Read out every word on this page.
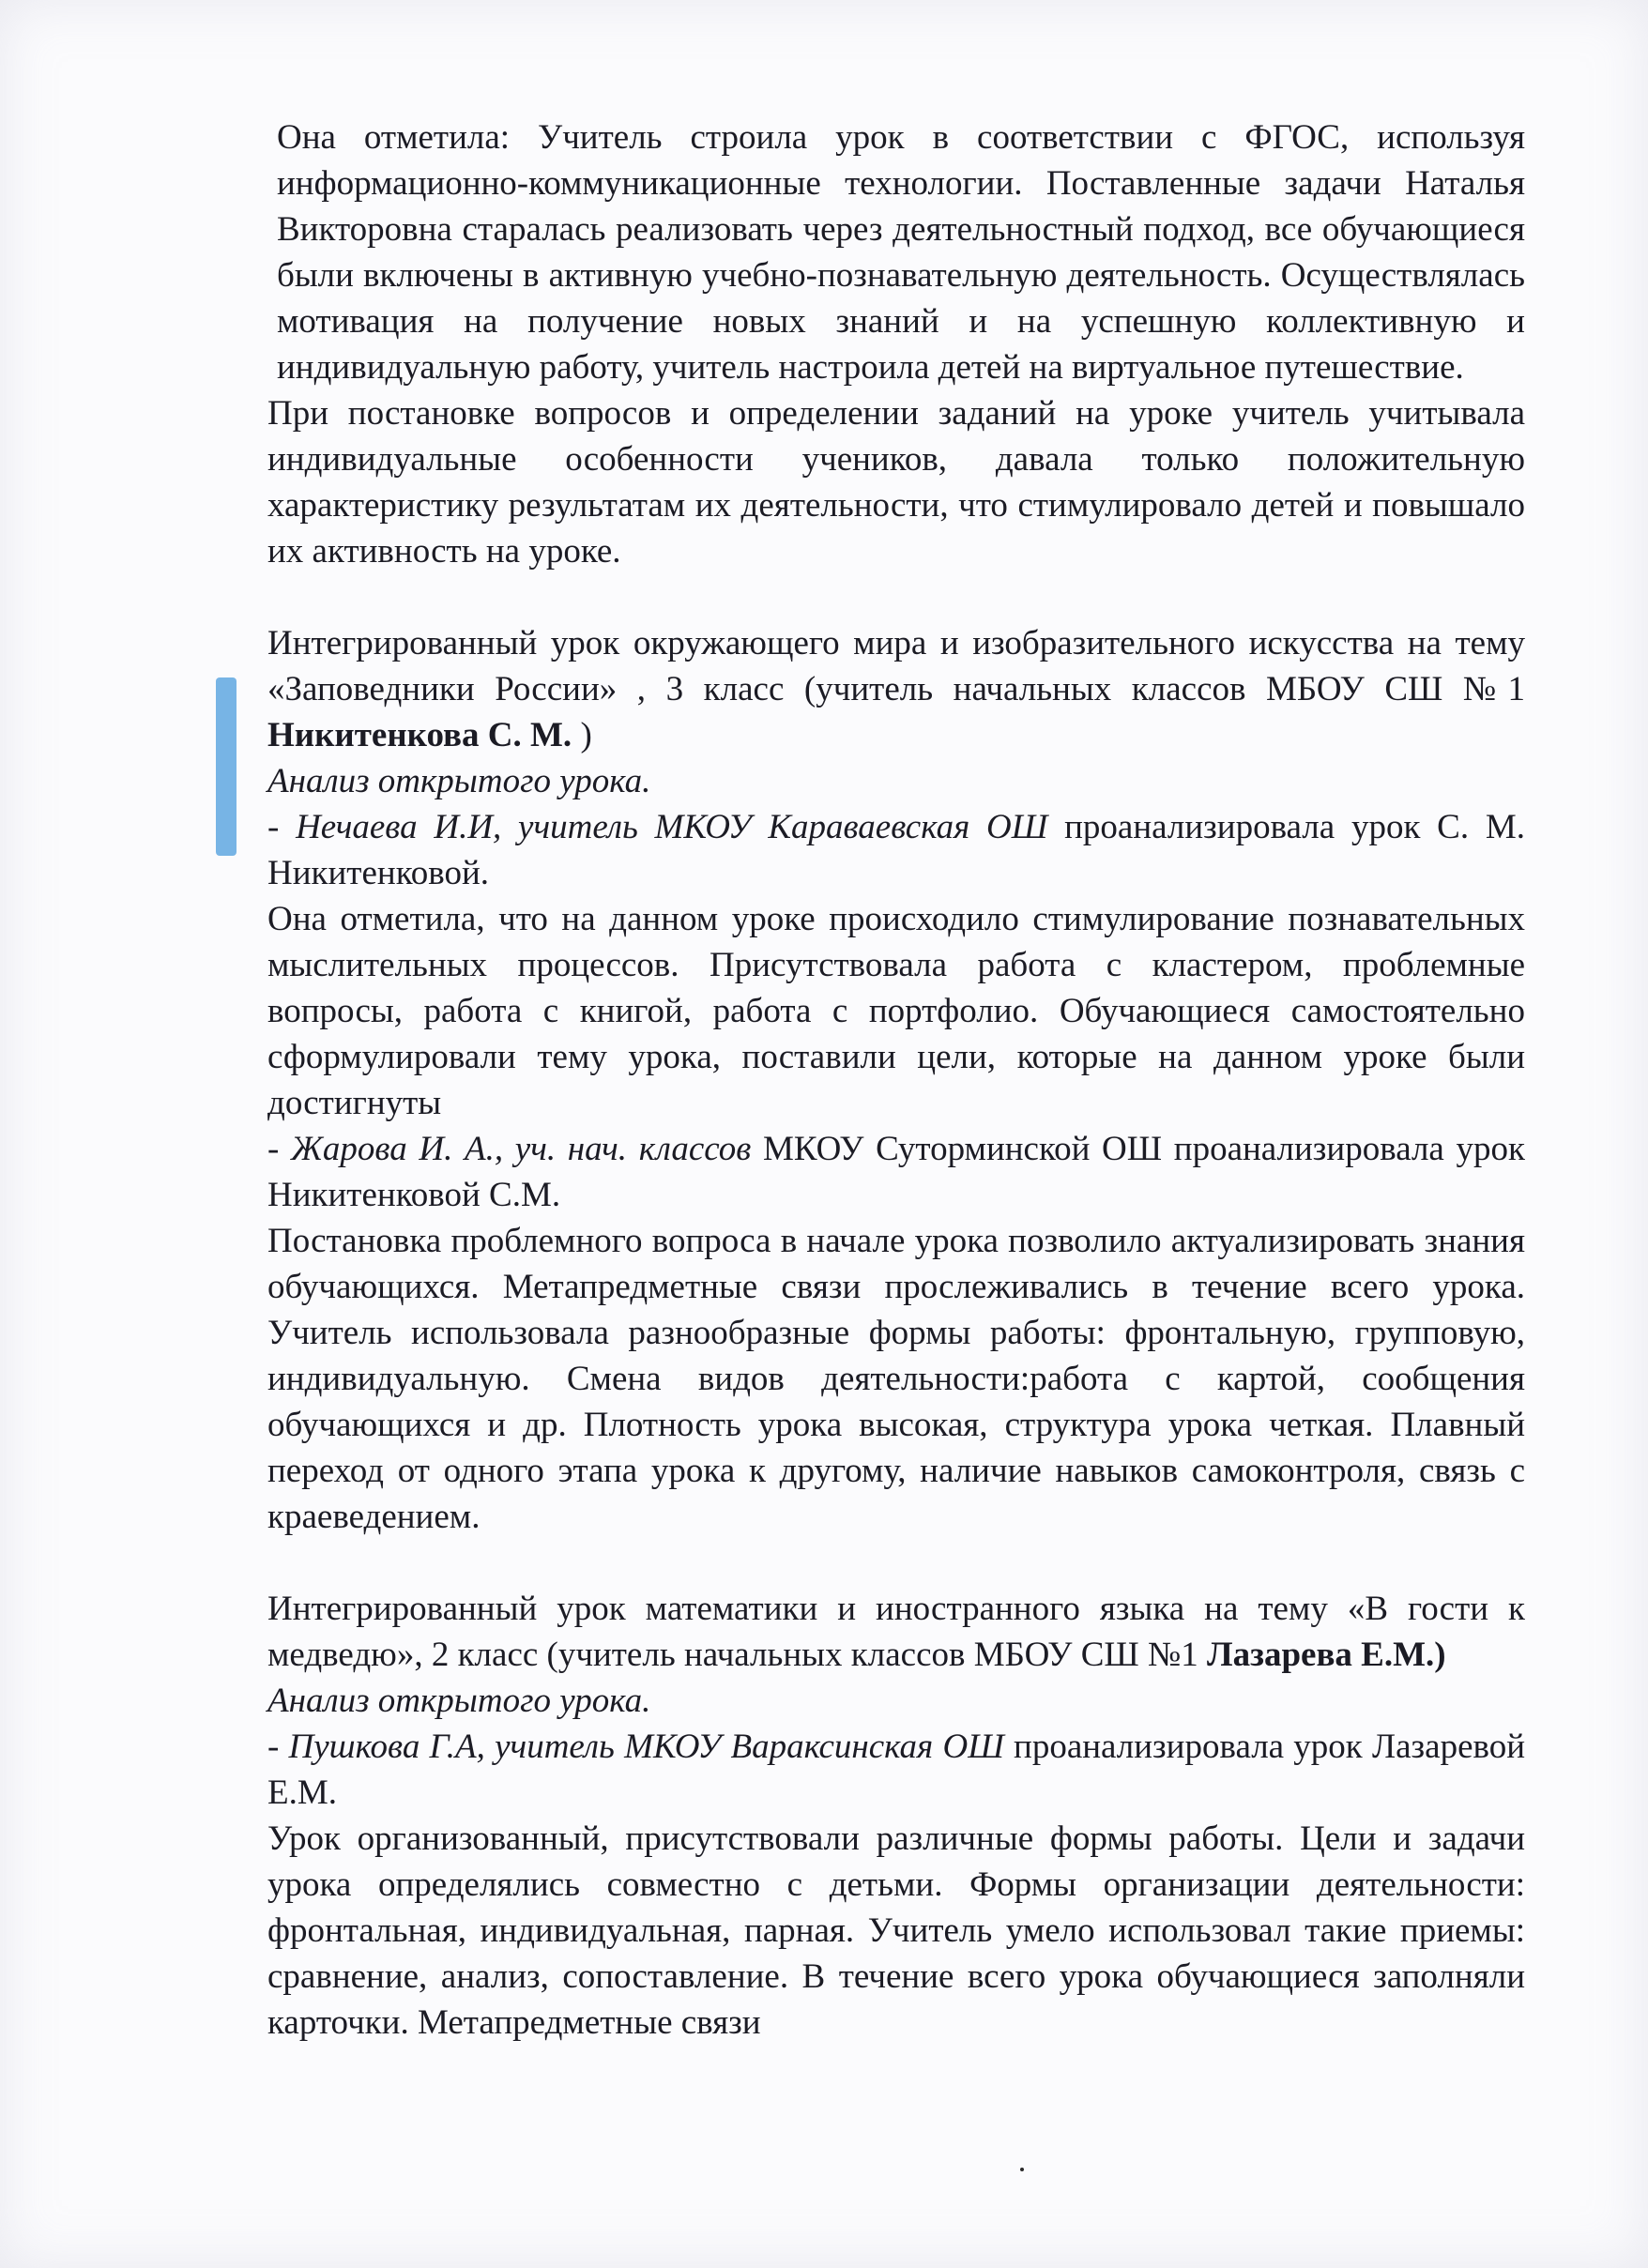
Она отметила: Учитель строила урок в соответствии с ФГОС, используя информационно-коммуникационные технологии. Поставленные задачи Наталья Викторовна старалась реализовать через деятельностный подход, все обучающиеся были включены в активную учебно-познавательную деятельность. Осуществлялась мотивация на получение новых знаний и на успешную коллективную и индивидуальную работу, учитель настроила детей на виртуальное путешествие.

При постановке вопросов и определении заданий на уроке учитель учитывала индивидуальные особенности учеников, давала только положительную характеристику результатам их деятельности, что стимулировало детей и повышало их активность на уроке.

Интегрированный урок окружающего мира и изобразительного искусства на тему «Заповедники России» , 3 класс (учитель начальных классов МБОУ СШ №1 Никитенкова С. М. )

Анализ открытого урока.

- Нечаева И.И, учитель МКОУ Караваевская ОШ проанализировала урок С. М. Никитенковой.

Она отметила, что на данном уроке происходило стимулирование познавательных мыслительных процессов. Присутствовала работа с кластером, проблемные вопросы, работа с книгой, работа с портфолио. Обучающиеся самостоятельно сформулировали тему урока, поставили цели, которые на данном уроке были достигнуты

- Жарова И. А., уч. нач. классов МКОУ Суторминской ОШ проанализировала урок Никитенковой С.М.

Постановка проблемного вопроса в начале урока позволило актуализировать знания обучающихся. Метапредметные связи прослеживались в течение всего урока. Учитель использовала разнообразные формы работы: фронтальную, групповую, индивидуальную. Смена видов деятельности:работа с картой, сообщения обучающихся и др. Плотность урока высокая, структура урока четкая. Плавный переход от одного этапа урока к другому, наличие навыков самоконтроля, связь с краеведением.

Интегрированный урок математики и иностранного языка на тему «В гости к медведю», 2 класс (учитель начальных классов МБОУ СШ №1 Лазарева Е.М.)

Анализ открытого урока.

- Пушкова Г.А, учитель МКОУ Вараксинская ОШ проанализировала урок Лазаревой Е.М.

Урок организованный, присутствовали различные формы работы. Цели и задачи урока определялись совместно с детьми. Формы организации деятельности: фронтальная, индивидуальная, парная. Учитель умело использовал такие приемы: сравнение, анализ, сопоставление. В течение всего урока обучающиеся заполняли карточки. Метапредметные связи
